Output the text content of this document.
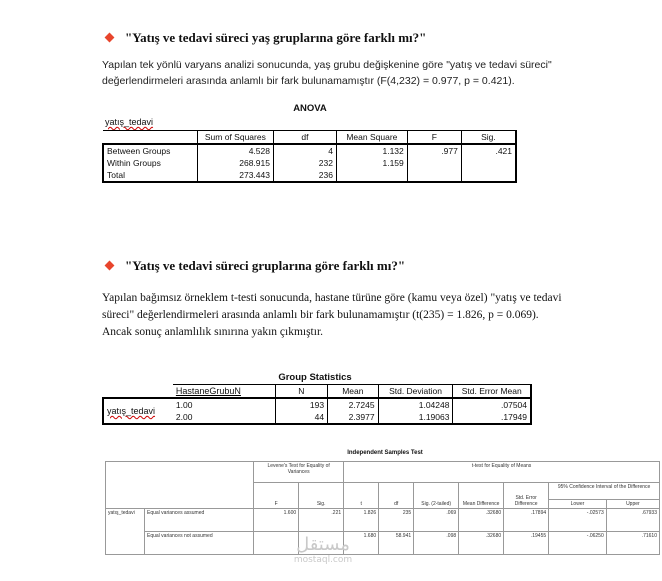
"Yatış ve tedavi süreci yaş gruplarına göre farklı mı?"
Yapılan tek yönlü varyans analizi sonucunda, yaş grubu değişkenine göre "yatış ve tedavi süreci" değerlendirmeleri arasında anlamlı bir fark bulunamamıştır (F(4,232) = 0.977, p = 0.421).
ANOVA
yatış_tedavi
	Sum of Squares	df	Mean Square	F	Sig.
Between Groups	4.528	4	1.132	.977	.421
Within Groups	268.915	232	1.159		
Total	273.443	236			
"Yatış ve tedavi süreci gruplarına göre farklı mı?"
Yapılan bağımsız örneklem t-testi sonucunda, hastane türüne göre (kamu veya özel) "yatış ve tedavi süreci" değerlendirmeleri arasında anlamlı bir fark bulunamamıştır (t(235) = 1.826, p = 0.069). Ancak sonuç anlamlılık sınırına yakın çıkmıştır.
Group Statistics
	HastaneGrubuN	N	Mean	Std. Deviation	Std. Error Mean
yatış_tedavi	1.00	193	2.7245	1.04248	.07504
	2.00	44	2.3977	1.19063	.17949
Independent Samples Test
		Levene's Test for Equality of Variances		t-test for Equality of Means						
		F	Sig.	t	df	Sig. (2-tailed)	Mean Difference	Std. Error Difference	95% Confidence Interval of the Difference	
									Lower	Upper
yatış_tedavi	Equal variances assumed	1.600	.221	1.826	235	.069	.32680	.17894	-.02573	.67933
	Equal variances not assumed			1.680	58.941	.098	.32680	.19455	-.06250	.71610
مستقل
mostaql.com
